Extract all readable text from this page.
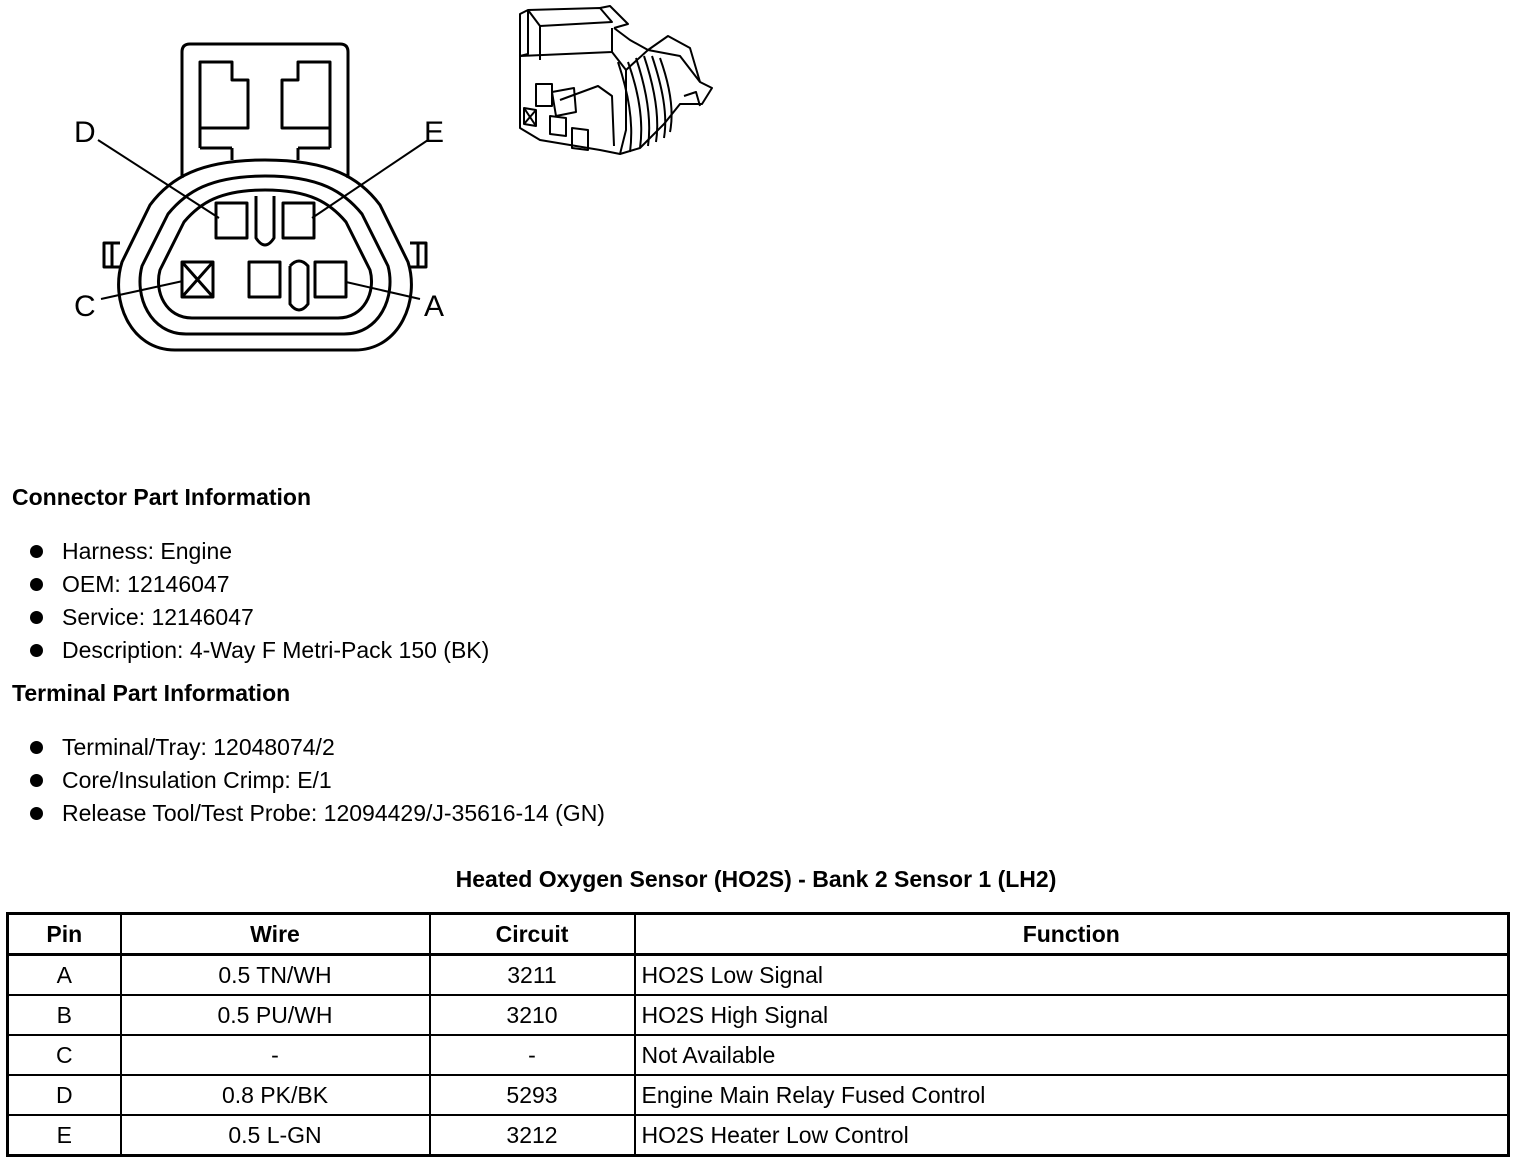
D	E
C	A
Connector Part Information
Harness: Engine
OEM: 12146047
Service: 12146047
Description: 4-Way F Metri-Pack 150 (BK)
Terminal Part Information
Terminal/Tray: 12048074/2
Core/Insulation Crimp: E/1
Release Tool/Test Probe: 12094429/J-35616-14 (GN)
Heated Oxygen Sensor (HO2S) - Bank 2 Sensor 1 (LH2)
Pin	Wire	Circuit	Function
A	0.5 TN/WH	3211	HO2S Low Signal
B	0.5 PU/WH	3210	HO2S High Signal
C	-	-	Not Available
D	0.8 PK/BK	5293	Engine Main Relay Fused Control
E	0.5 L-GN	3212	HO2S Heater Low Control
